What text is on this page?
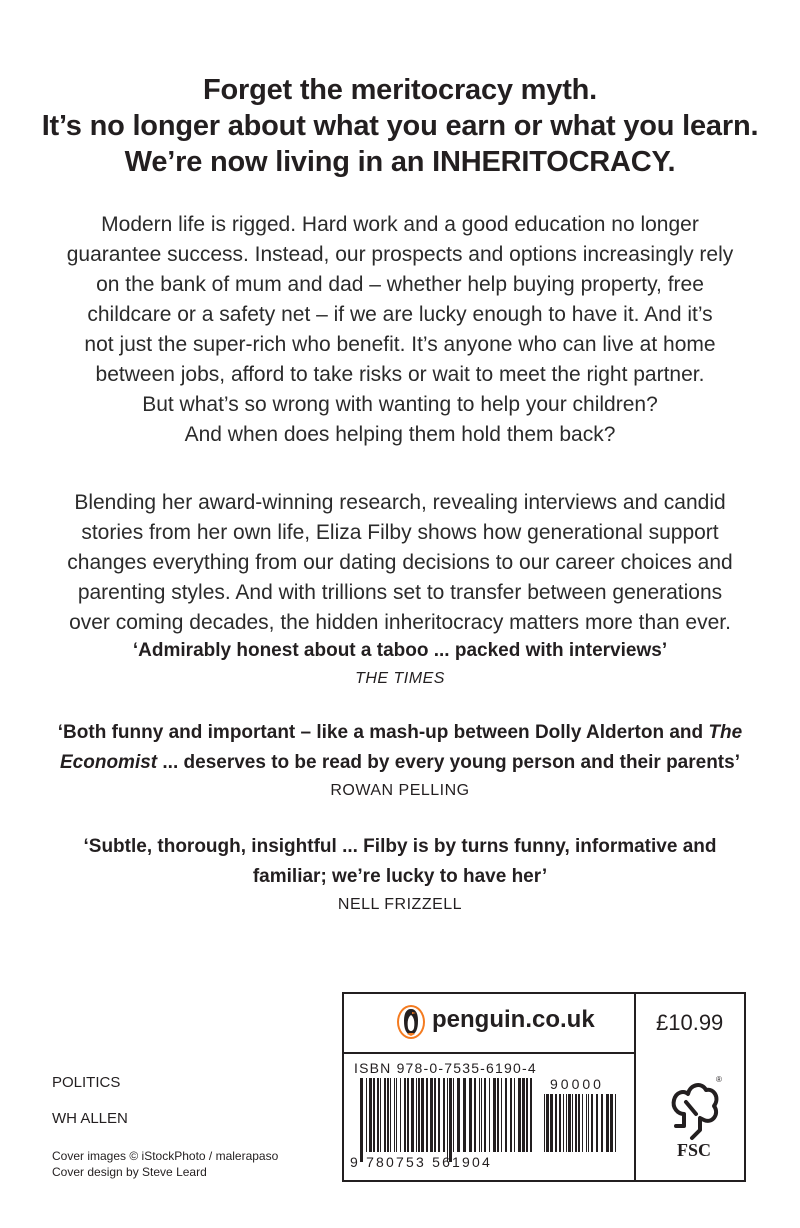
Forget the meritocracy myth.
It’s no longer about what you earn or what you learn.
We’re now living in an INHERITOCRACY.
Modern life is rigged. Hard work and a good education no longer
guarantee success. Instead, our prospects and options increasingly rely
on the bank of mum and dad – whether help buying property, free
childcare or a safety net – if we are lucky enough to have it. And it’s
not just the super-rich who benefit. It’s anyone who can live at home
between jobs, afford to take risks or wait to meet the right partner.
But what’s so wrong with wanting to help your children?
And when does helping them hold them back?
Blending her award-winning research, revealing interviews and candid
stories from her own life, Eliza Filby shows how generational support
changes everything from our dating decisions to our career choices and
parenting styles. And with trillions set to transfer between generations
over coming decades, the hidden inheritocracy matters more than ever.
‘Admirably honest about a taboo ... packed with interviews’
THE TIMES
‘Both funny and important – like a mash-up between Dolly Alderton and The
Economist ... deserves to be read by every young person and their parents’
ROWAN PELLING
‘Subtle, thorough, insightful ... Filby is by turns funny, informative and
familiar; we’re lucky to have her’
NELL FRIZZELL
POLITICS
WH ALLEN
Cover images © iStockPhoto / malerapaso
Cover design by Steve Leard
penguin.co.uk	£10.99
ISBN 978-0-7535-6190-4
90000
9 780753 561904
®
FSC
